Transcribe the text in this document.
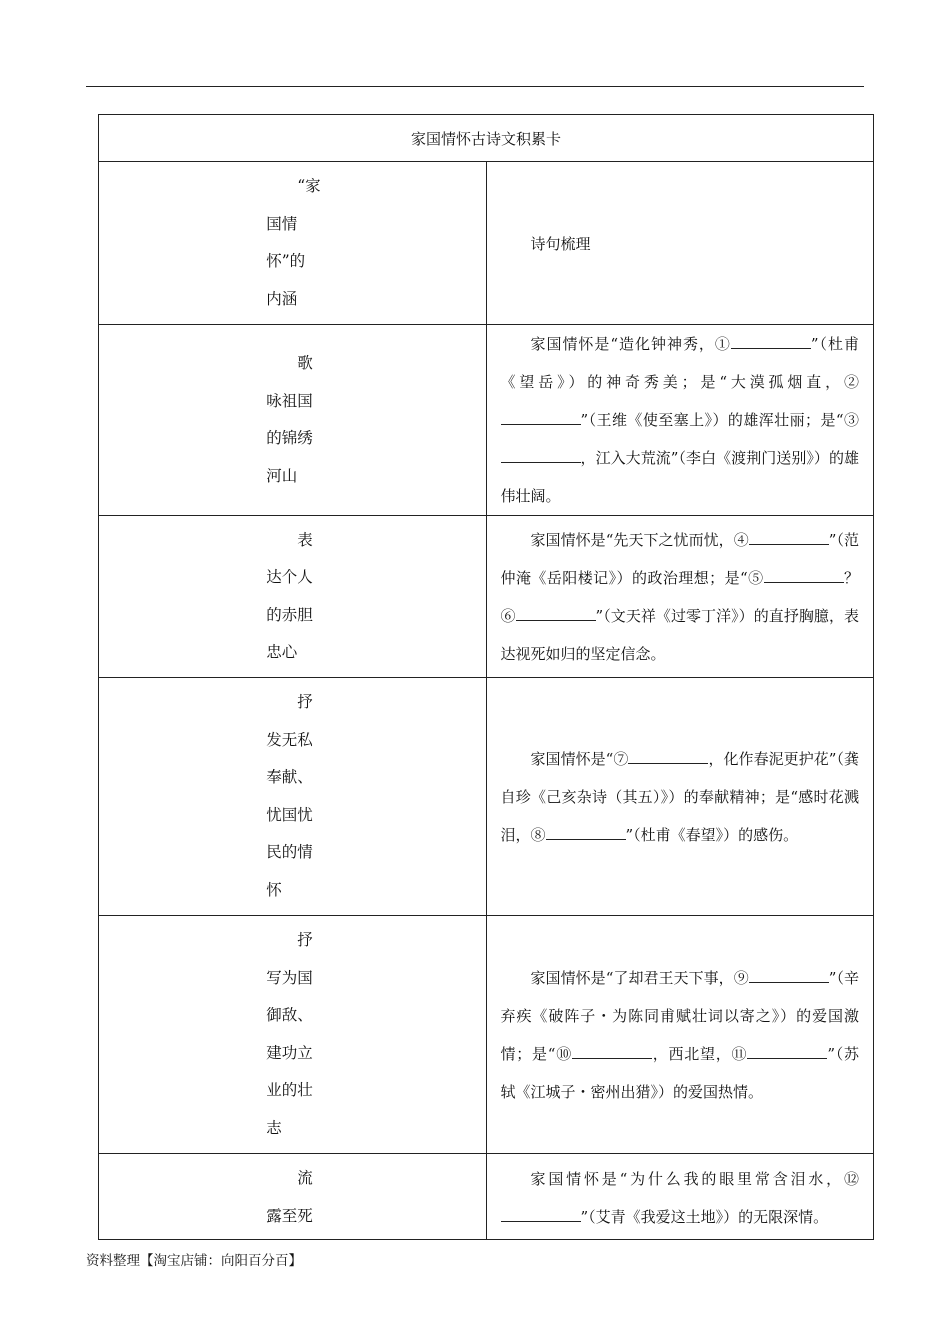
家国情怀古诗文积累卡	

“家国情怀”的内涵	诗句梳理

歌咏祖国的锦绣河山	家国情怀是“造化钟神秀，① ”（杜甫《望岳》）的神奇秀美；是“大漠孤烟直，②”（王维《使至塞上》）的雄浑壮丽；是“③，江入大荒流”（李白《渡荆门送别》）的雄伟壮阔。

表达个人的赤胆忠心	家国情怀是“先天下之忧而忧，④ ”（范仲淹《岳阳楼记》）的政治理想；是“⑤ ？⑥ ”（文天祥《过零丁洋》）的直抒胸臆，表达视死如归的坚定信念。

抒发无私奉献、忧国忧民的情怀	家国情怀是“⑦ ，化作春泥更护花”（龚自珍《己亥杂诗（其五）》）的奉献精神；是“感时花溅泪，⑧ ”（杜甫《春望》）的感伤。

抒写为国御敌、建功立业的壮志	家国情怀是“了却君王天下事，⑨ ”（辛弃疾《破阵子・为陈同甫赋壮词以寄之》）的爱国激情；是“⑩ ，西北望，⑪ ”（苏轼《江城子・密州出猎》）的爱国热情。

流露至死	家国情怀是“为什么我的眼里常含泪水，⑫”（艾青《我爱这土地》）的无限深情。

资料整理【淘宝店铺：向阳百分百】
